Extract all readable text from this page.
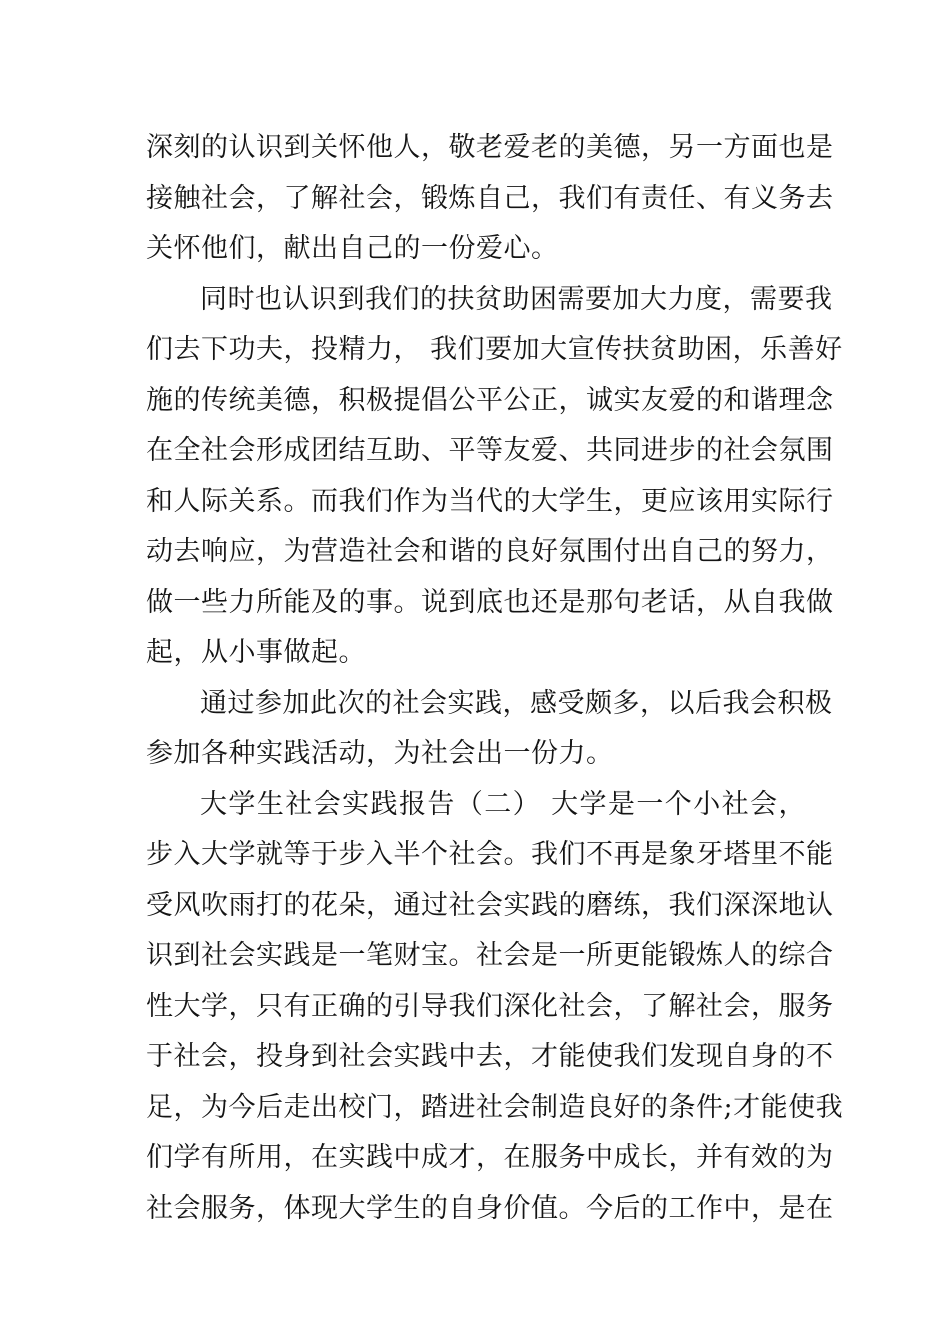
深刻的认识到关怀他人，敬老爱老的美德，另一方面也是
接触社会，了解社会，锻炼自己，我们有责任、有义务去
关怀他们，献出自己的一份爱心。
同时也认识到我们的扶贫助困需要加大力度，需要我
们去下功夫，投精力， 我们要加大宣传扶贫助困，乐善好
施的传统美德，积极提倡公平公正，诚实友爱的和谐理念
在全社会形成团结互助、平等友爱、共同进步的社会氛围
和人际关系。而我们作为当代的大学生，更应该用实际行
动去响应，为营造社会和谐的良好氛围付出自己的努力，
做一些力所能及的事。说到底也还是那句老话，从自我做
起，从小事做起。
通过参加此次的社会实践，感受颇多，以后我会积极
参加各种实践活动，为社会出一份力。
大学生社会实践报告（二） 大学是一个小社会，
步入大学就等于步入半个社会。我们不再是象牙塔里不能
受风吹雨打的花朵，通过社会实践的磨练，我们深深地认
识到社会实践是一笔财宝。社会是一所更能锻炼人的综合
性大学，只有正确的引导我们深化社会，了解社会，服务
于社会，投身到社会实践中去，才能使我们发现自身的不
足，为今后走出校门，踏进社会制造良好的条件;才能使我
们学有所用，在实践中成才，在服务中成长，并有效的为
社会服务，体现大学生的自身价值。今后的工作中，是在
